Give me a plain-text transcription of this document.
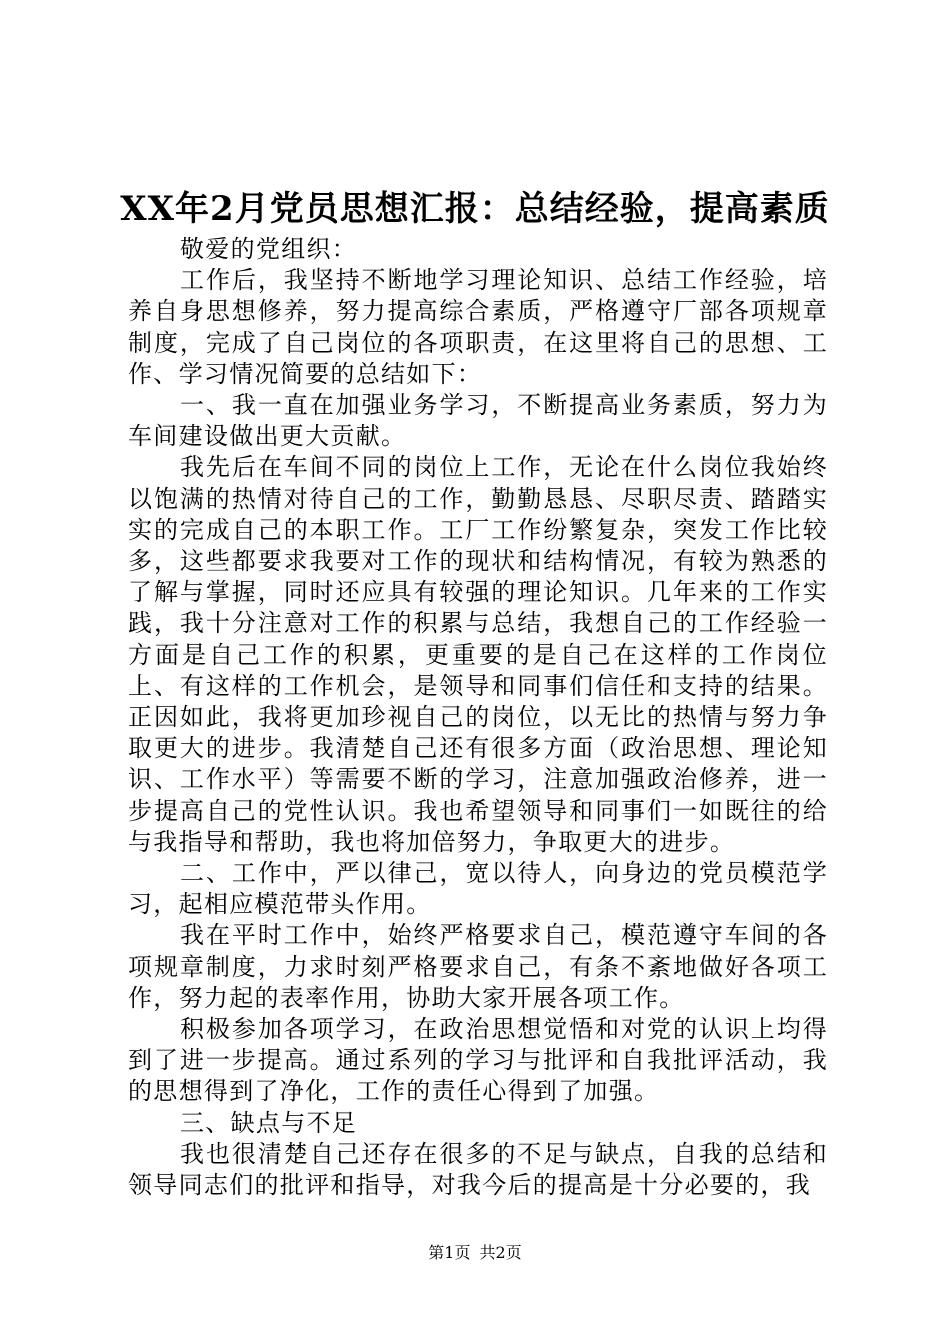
XX年2月党员思想汇报：总结经验，提高素质

敬爱的党组织：

工作后，我坚持不断地学习理论知识、总结工作经验，培养自身思想修养，努力提高综合素质，严格遵守厂部各项规章制度，完成了自己岗位的各项职责，在这里将自己的思想、工作、学习情况简要的总结如下：

一、我一直在加强业务学习，不断提高业务素质，努力为车间建设做出更大贡献。

我先后在车间不同的岗位上工作，无论在什么岗位我始终以饱满的热情对待自己的工作，勤勤恳恳、尽职尽责、踏踏实实的完成自己的本职工作。工厂工作纷繁复杂，突发工作比较多，这些都要求我要对工作的现状和结构情况，有较为熟悉的了解与掌握，同时还应具有较强的理论知识。几年来的工作实践，我十分注意对工作的积累与总结，我想自己的工作经验一方面是自己工作的积累，更重要的是自己在这样的工作岗位上、有这样的工作机会，是领导和同事们信任和支持的结果。正因如此，我将更加珍视自己的岗位，以无比的热情与努力争取更大的进步。我清楚自己还有很多方面（政治思想、理论知识、工作水平）等需要不断的学习，注意加强政治修养，进一步提高自己的党性认识。我也希望领导和同事们一如既往的给与我指导和帮助，我也将加倍努力，争取更大的进步。

二、工作中，严以律己，宽以待人，向身边的党员模范学习，起相应模范带头作用。

我在平时工作中，始终严格要求自己，模范遵守车间的各项规章制度，力求时刻严格要求自己，有条不紊地做好各项工作，努力起的表率作用，协助大家开展各项工作。

积极参加各项学习，在政治思想觉悟和对党的认识上均得到了进一步提高。通过系列的学习与批评和自我批评活动，我的思想得到了净化，工作的责任心得到了加强。

三、缺点与不足

我也很清楚自己还存在很多的不足与缺点，自我的总结和领导同志们的批评和指导，对我今后的提高是十分必要的，我

第1页 共2页
